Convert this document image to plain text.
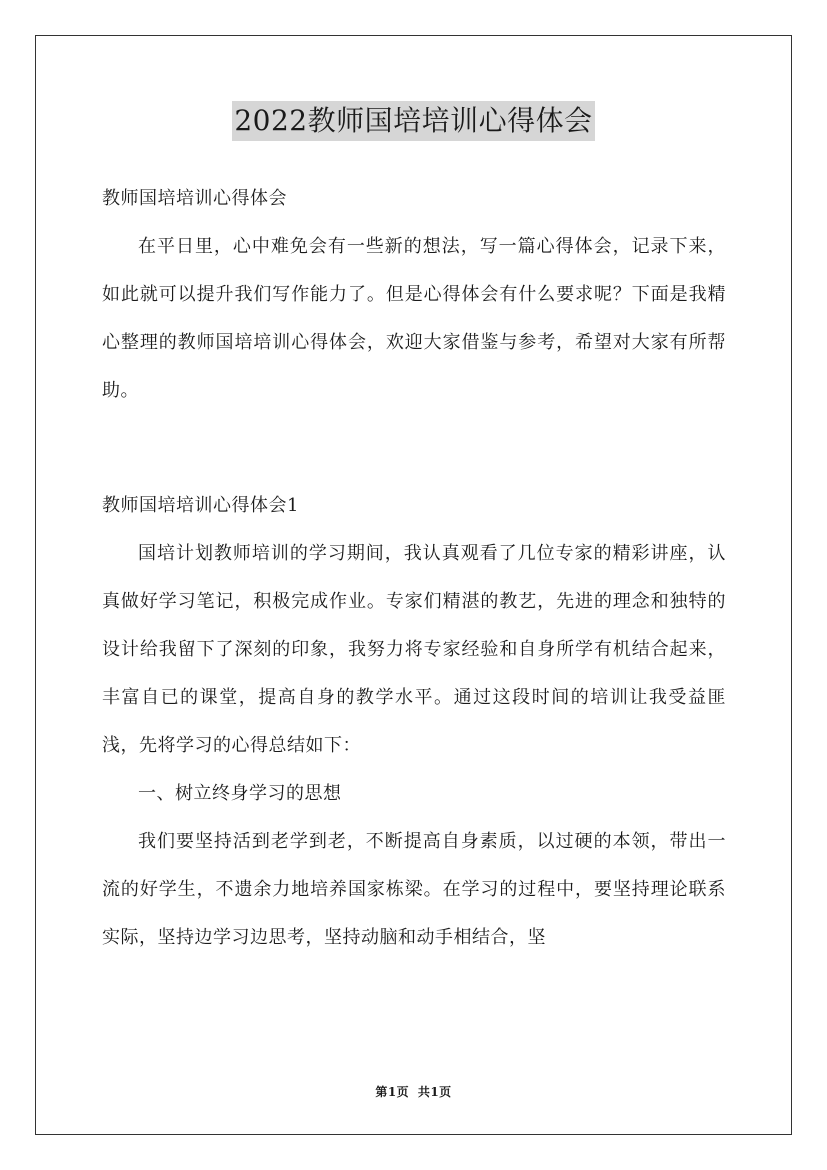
2022教师国培培训心得体会

教师国培培训心得体会

在平日里，心中难免会有一些新的想法，写一篇心得体会，记录下来，如此就可以提升我们写作能力了。但是心得体会有什么要求呢？下面是我精心整理的教师国培培训心得体会，欢迎大家借鉴与参考，希望对大家有所帮助。

教师国培培训心得体会1

国培计划教师培训的学习期间，我认真观看了几位专家的精彩讲座，认真做好学习笔记，积极完成作业。专家们精湛的教艺，先进的理念和独特的设计给我留下了深刻的印象，我努力将专家经验和自身所学有机结合起来，丰富自已的课堂，提高自身的教学水平。通过这段时间的培训让我受益匪浅，先将学习的心得总结如下：

一、树立终身学习的思想

我们要坚持活到老学到老，不断提高自身素质，以过硬的本领，带出一流的好学生，不遗余力地培养国家栋梁。在学习的过程中，要坚持理论联系实际，坚持边学习边思考，坚持动脑和动手相结合，坚

第1页 共1页
